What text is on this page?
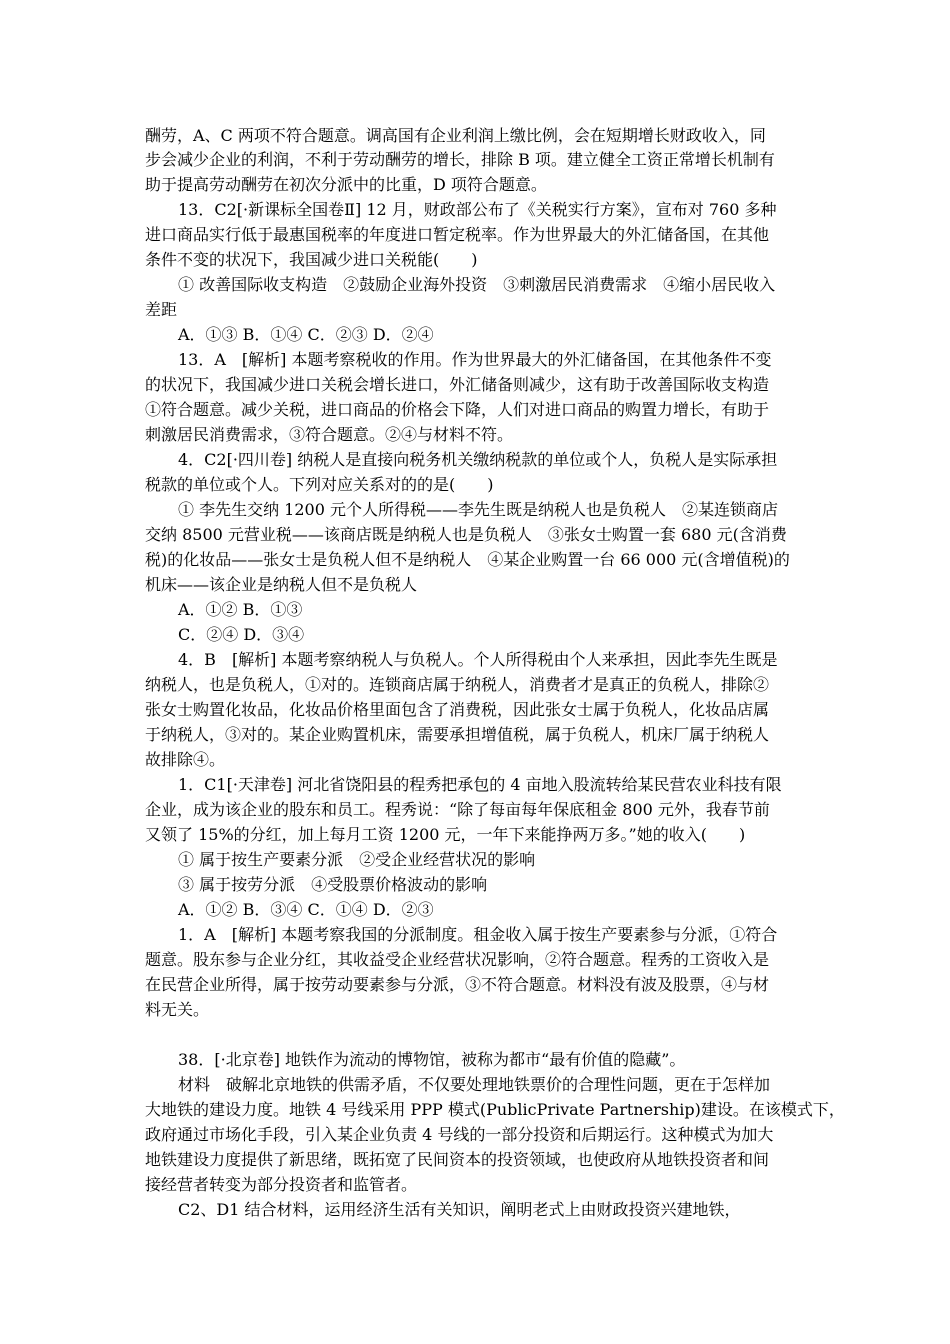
酬劳，A、C 两项不符合题意。调高国有企业利润上缴比例，会在短期增长财政收入，同
步会减少企业的利润，不利于劳动酬劳的增长，排除 B 项。建立健全工资正常增长机制有
助于提高劳动酬劳在初次分派中的比重，D 项符合题意。
13．C2[·新课标全国卷Ⅱ] 12 月，财政部公布了《关税实行方案》，宣布对 760 多种
进口商品实行低于最惠国税率的年度进口暂定税率。作为世界最大的外汇储备国，在其他
条件不变的状况下，我国减少进口关税能(　　)
① 改善国际收支构造　②鼓励企业海外投资　③刺激居民消费需求　④缩小居民收入
差距
A．①③ B．①④ C．②③ D．②④
13．A　[解析] 本题考察税收的作用。作为世界最大的外汇储备国，在其他条件不变
的状况下，我国减少进口关税会增长进口，外汇储备则减少，这有助于改善国际收支构造
①符合题意。减少关税，进口商品的价格会下降，人们对进口商品的购置力增长，有助于
刺激居民消费需求，③符合题意。②④与材料不符。
4．C2[·四川卷] 纳税人是直接向税务机关缴纳税款的单位或个人，负税人是实际承担
税款的单位或个人。下列对应关系对的的是(　　)
① 李先生交纳 1200 元个人所得税——李先生既是纳税人也是负税人　②某连锁商店
交纳 8500 元营业税——该商店既是纳税人也是负税人　③张女士购置一套 680 元(含消费
税)的化妆品——张女士是负税人但不是纳税人　④某企业购置一台 66 000 元(含增值税)的
机床——该企业是纳税人但不是负税人
A．①② B．①③
C．②④ D．③④
4．B　[解析] 本题考察纳税人与负税人。个人所得税由个人来承担，因此李先生既是
纳税人，也是负税人，①对的。连锁商店属于纳税人，消费者才是真正的负税人，排除②
张女士购置化妆品，化妆品价格里面包含了消费税，因此张女士属于负税人，化妆品店属
于纳税人，③对的。某企业购置机床，需要承担增值税，属于负税人，机床厂属于纳税人
故排除④。
1．C1[·天津卷] 河北省饶阳县的程秀把承包的 4 亩地入股流转给某民营农业科技有限
企业，成为该企业的股东和员工。程秀说：“除了每亩每年保底租金 800 元外，我春节前
又领了 15%的分红，加上每月工资 1200 元，一年下来能挣两万多。”她的收入(　　)
① 属于按生产要素分派　②受企业经营状况的影响
③ 属于按劳分派　④受股票价格波动的影响
A．①② B．③④ C．①④ D．②③
1．A　[解析] 本题考察我国的分派制度。租金收入属于按生产要素参与分派，①符合
题意。股东参与企业分红，其收益受企业经营状况影响，②符合题意。程秀的工资收入是
在民营企业所得，属于按劳动要素参与分派，③不符合题意。材料没有波及股票，④与材
料无关。
38．[·北京卷] 地铁作为流动的博物馆，被称为都市“最有价值的隐藏”。
材料　破解北京地铁的供需矛盾，不仅要处理地铁票价的合理性问题，更在于怎样加
大地铁的建设力度。地铁 4 号线采用 PPP 模式(PublicPrivate Partnership)建设。在该模式下，
政府通过市场化手段，引入某企业负责 4 号线的一部分投资和后期运行。这种模式为加大
地铁建设力度提供了新思绪，既拓宽了民间资本的投资领域，也使政府从地铁投资者和间
接经营者转变为部分投资者和监管者。
C2、D1 结合材料，运用经济生活有关知识，阐明老式上由财政投资兴建地铁，
